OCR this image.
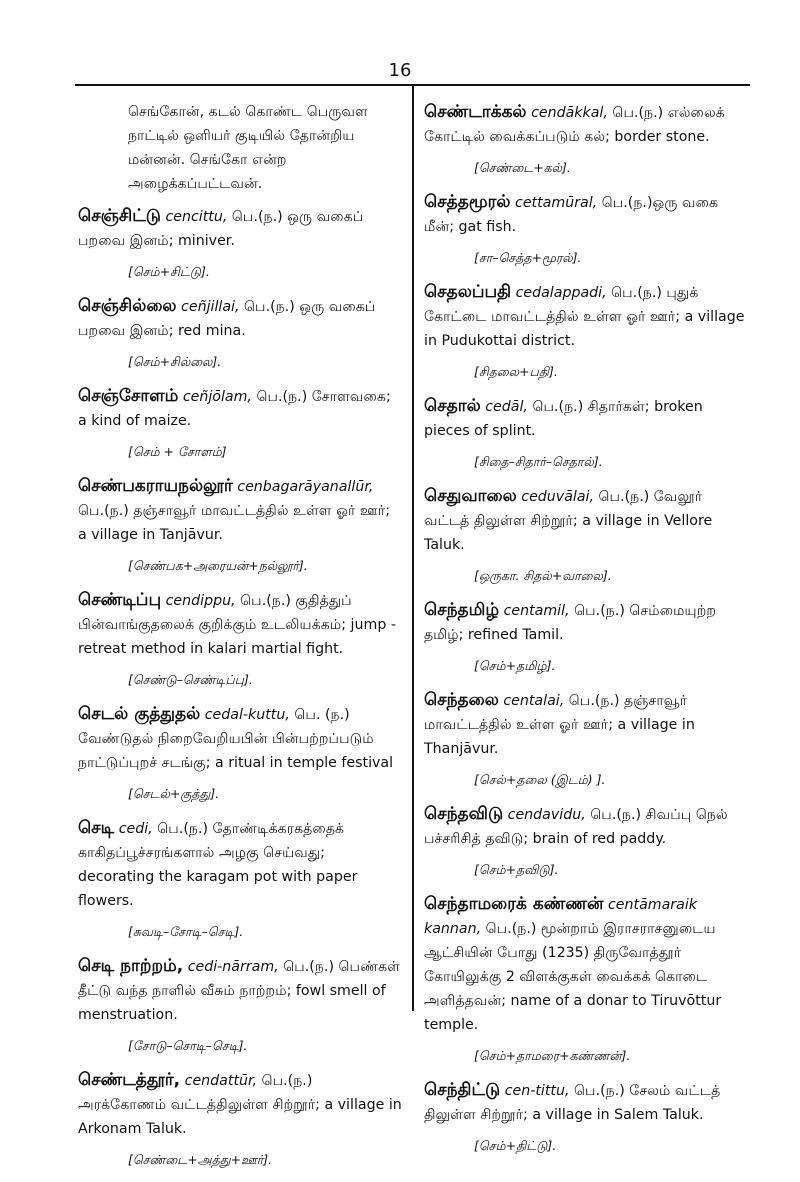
16
செங்கோன், கடல் கொண்ட பெருவள நாட்டில் ஒளியர் குடியில் தோன்றிய மன்னன். செங்கோ என்ற அழைக்கப்பட்டவன்.
செஞ்சிட்டு cencittu, பெ.(ந.) ஒரு வகைப் பறவை இனம்; miniver.
[செம்+சிட்டு].
செஞ்சில்லை ceñjillai, பெ.(ந.) ஒரு வகைப் பறவை இனம்; red mina.
[செம்+சில்லை].
செஞ்சோளம் ceñjōlam, பெ.(ந.) சோளவகை; a kind of maize.
[செம் + சோளம்]
செண்பகராயநல்லூர் cenbagarāyanallūr, பெ.(ந.) தஞ்சாவூர் மாவட்டத்தில் உள்ள ஓர் ஊர்; a village in Tanjāvur.
[செண்பக+அரையன்+நல்லூர்].
செண்டிப்பு cendippu, பெ.(ந.) குதித்துப் பின்வாங்குதலைக் குறிக்கும் உடலியக்கம்; jump - retreat method in kalari martial fight.
[செண்டு–செண்டிப்பு].
செடல் குத்துதல் cedal-kuttu, பெ. (ந.) வேண்டுதல் நிறைவேறியபின் பின்பற்றப்படும் நாட்டுப்புறச் சடங்கு; a ritual in temple festival
[செடல்+குத்து].
செடி cedi, பெ.(ந.) தோண்டிக்கரகத்தைக் காகிதப்பூச்சரங்களால் அழகு செய்வது; decorating the karagam pot with paper flowers.
[சுவடி–சோடி–செடி].
செடி நாற்றம், cedi-nārram, பெ.(ந.) பெண்கள் தீட்டு வந்த நாளில் வீசும் நாற்றம்; fowl smell of menstruation.
[சோடு–சொடி–செடி].
செண்டத்தூர், cendattūr, பெ.(ந.) அரக்கோணம் வட்டத்திலுள்ள சிற்றூர்; a village in Arkonam Taluk.
[செண்டை+அத்து+ஊர்].
செண்டாக்கல் cendākkal, பெ.(ந.) எல்லைக் கோட்டில் வைக்கப்படும் கல்; border stone.
[செண்டை+கல்].
செத்தமூரல் cettamūral, பெ.(ந.)ஒரு வகை மீன்; gat fish.
[சா–செத்த+மூரல்].
செதலப்பதி cedalappadi, பெ.(ந.) புதுக் கோட்டை மாவட்டத்தில் உள்ள ஓர் ஊர்; a village in Pudukottai district.
[சிதலை+பதி].
செதால் cedāl, பெ.(ந.) சிதார்கள்; broken pieces of splint.
[சிதை–சிதார்–செதால்].
செதுவாலை ceduvālai, பெ.(ந.) வேலூர் வட்டத் திலுள்ள சிற்றூர்; a village in Vellore Taluk.
[ஒருகா. சிதல்+வாலை].
செந்தமிழ் centamil, பெ.(ந.) செம்மையுற்ற தமிழ்; refined Tamil.
[செம்+தமிழ்].
செந்தலை centalai, பெ.(ந.) தஞ்சாவூர் மாவட்டத்தில் உள்ள ஓர் ஊர்; a village in Thanjāvur.
[செல்+தலை (இடம்) ].
செந்தவிடு cendavidu, பெ.(ந.) சிவப்பு நெல் பச்சரிசித் தவிடு; brain of red paddy.
[செம்+தவிடு].
செந்தாமரைக் கண்ணன் centāmaraik kannan, பெ.(ந.) மூன்றாம் இராசராசனுடைய ஆட்சியின் போது (1235) திருவோத்தூர் கோயிலுக்கு 2 விளக்குகள் வைக்கக் கொடை அளித்தவன்; name of a donar to Tiruvōttur temple.
[செம்+தாமரை+கண்ணன்].
செந்திட்டு cen-tittu, பெ.(ந.) சேலம் வட்டத் திலுள்ள சிற்றூர்; a village in Salem Taluk.
[செம்+திட்டு].
